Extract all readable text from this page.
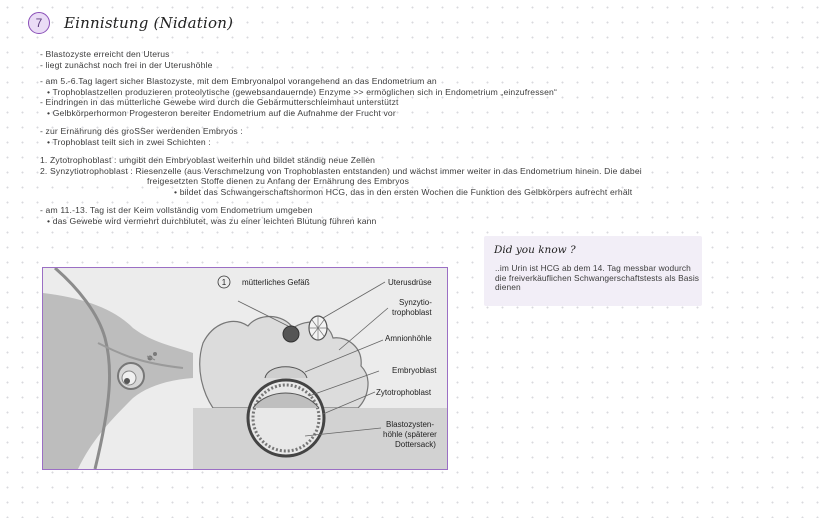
7	Einnistung (Nidation)
- Blastozyste erreicht den Uterus
- liegt zunächst noch frei in der Uterushöhle
- am 5.-6.Tag lagert sicher Blastozyste, mit dem Embryonalpol vorangehend an das Endometrium an
• Trophoblastzellen produzieren proteolytische (gewebsandauernde) Enzyme >> ermöglichen sich in Endometrium „einzufressen“
- Eindringen in das mütterliche Gewebe wird durch die Gebärmutterschleimhaut unterstützt
• Gelbkörperhormon Progesteron bereiter Endometrium auf die Aufnahme der Frucht vor
- zur Ernährung des groSSer werdenden Embryos :
• Trophoblast teilt sich in zwei Schichten :
1. Zytotrophoblast : umgibt den Embryoblast weiterhin und bildet ständig neue Zellen
2. Synzytiotrophoblast : Riesenzelle (aus Verschmelzung von Trophoblasten entstanden) und wächst immer weiter in das Endometrium hinein. Die dabei
freigesetzten Stoffe dienen zu Anfang der Ernährung des Embryos
• bildet das Schwangerschaftshormon HCG, das in den ersten Wochen die Funktion des Gelbkörpers aufrecht erhält
- am 11.-13. Tag ist der Keim vollständig vom Endometrium umgeben
• das Gewebe wird vermehrt durchblutet, was zu einer leichten Blutung führen kann
Did you know ?
..im Urin ist HCG ab dem 14. Tag messbar wodurch die freiverkäuflichen Schwangerschaftstests als Basis dienen
1 mütterliches Gefäß	Uterusdrüse
Synzytio-
trophoblast
Amnionhöhle
Embryoblast
Zytotrophoblast
Blastozysten-
höhle (späterer
Dottersack)
